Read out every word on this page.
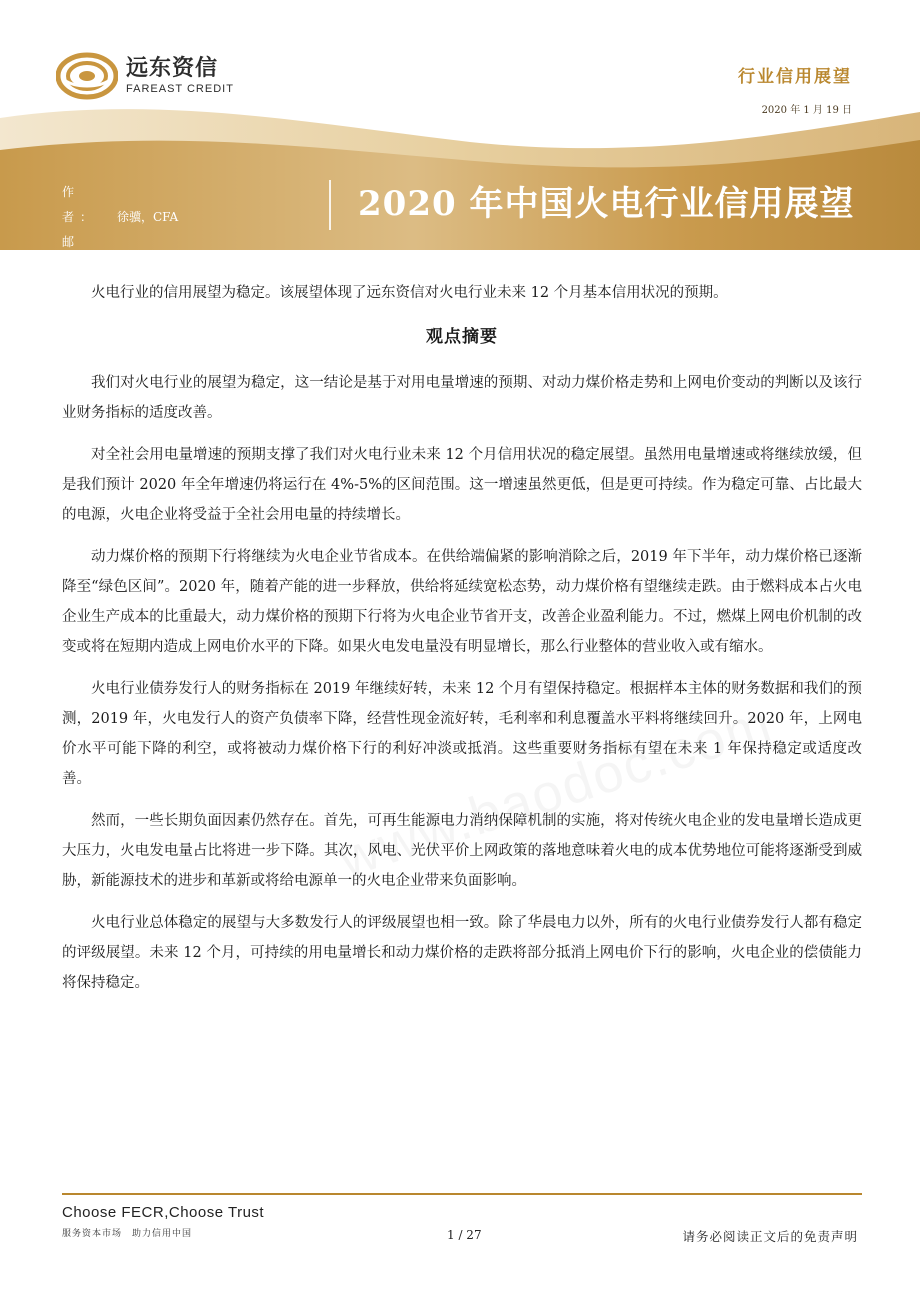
远东资信
FAREAST CREDIT
行业信用展望
2020 年 1 月 19 日
作　者： 徐骥，CFA
邮　箱： research@fecr.com.cn
2020 年中国火电行业信用展望

火电行业的信用展望为稳定。该展望体现了远东资信对火电行业未来 12 个月基本信用状况的预期。

观点摘要

我们对火电行业的展望为稳定，这一结论是基于对用电量增速的预期、对动力煤价格走势和上网电价变动的判断以及该行业财务指标的适度改善。

对全社会用电量增速的预期支撑了我们对火电行业未来 12 个月信用状况的稳定展望。虽然用电量增速或将继续放缓，但是我们预计 2020 年全年增速仍将运行在 4%-5%的区间范围。这一增速虽然更低，但是更可持续。作为稳定可靠、占比最大的电源，火电企业将受益于全社会用电量的持续增长。

动力煤价格的预期下行将继续为火电企业节省成本。在供给端偏紧的影响消除之后，2019 年下半年，动力煤价格已逐渐降至“绿色区间”。2020 年，随着产能的进一步释放，供给将延续宽松态势，动力煤价格有望继续走跌。由于燃料成本占火电企业生产成本的比重最大，动力煤价格的预期下行将为火电企业节省开支，改善企业盈利能力。不过，燃煤上网电价机制的改变或将在短期内造成上网电价水平的下降。如果火电发电量没有明显增长，那么行业整体的营业收入或有缩水。

火电行业债券发行人的财务指标在 2019 年继续好转，未来 12 个月有望保持稳定。根据样本主体的财务数据和我们的预测，2019 年，火电发行人的资产负债率下降，经营性现金流好转，毛利率和利息覆盖水平料将继续回升。2020 年，上网电价水平可能下降的利空，或将被动力煤价格下行的利好冲淡或抵消。这些重要财务指标有望在未来 1 年保持稳定或适度改善。

然而，一些长期负面因素仍然存在。首先，可再生能源电力消纳保障机制的实施，将对传统火电企业的发电量增长造成更大压力，火电发电量占比将进一步下降。其次，风电、光伏平价上网政策的落地意味着火电的成本优势地位可能将逐渐受到威胁，新能源技术的进步和革新或将给电源单一的火电企业带来负面影响。

火电行业总体稳定的展望与大多数发行人的评级展望也相一致。除了华晨电力以外，所有的火电行业债券发行人都有稳定的评级展望。未来 12 个月，可持续的用电量增长和动力煤价格的走跌将部分抵消上网电价下行的影响，火电企业的偿债能力将保持稳定。

Choose FECR,Choose Trust
服务资本市场　助力信用中国	1 / 27	请务必阅读正文后的免责声明
